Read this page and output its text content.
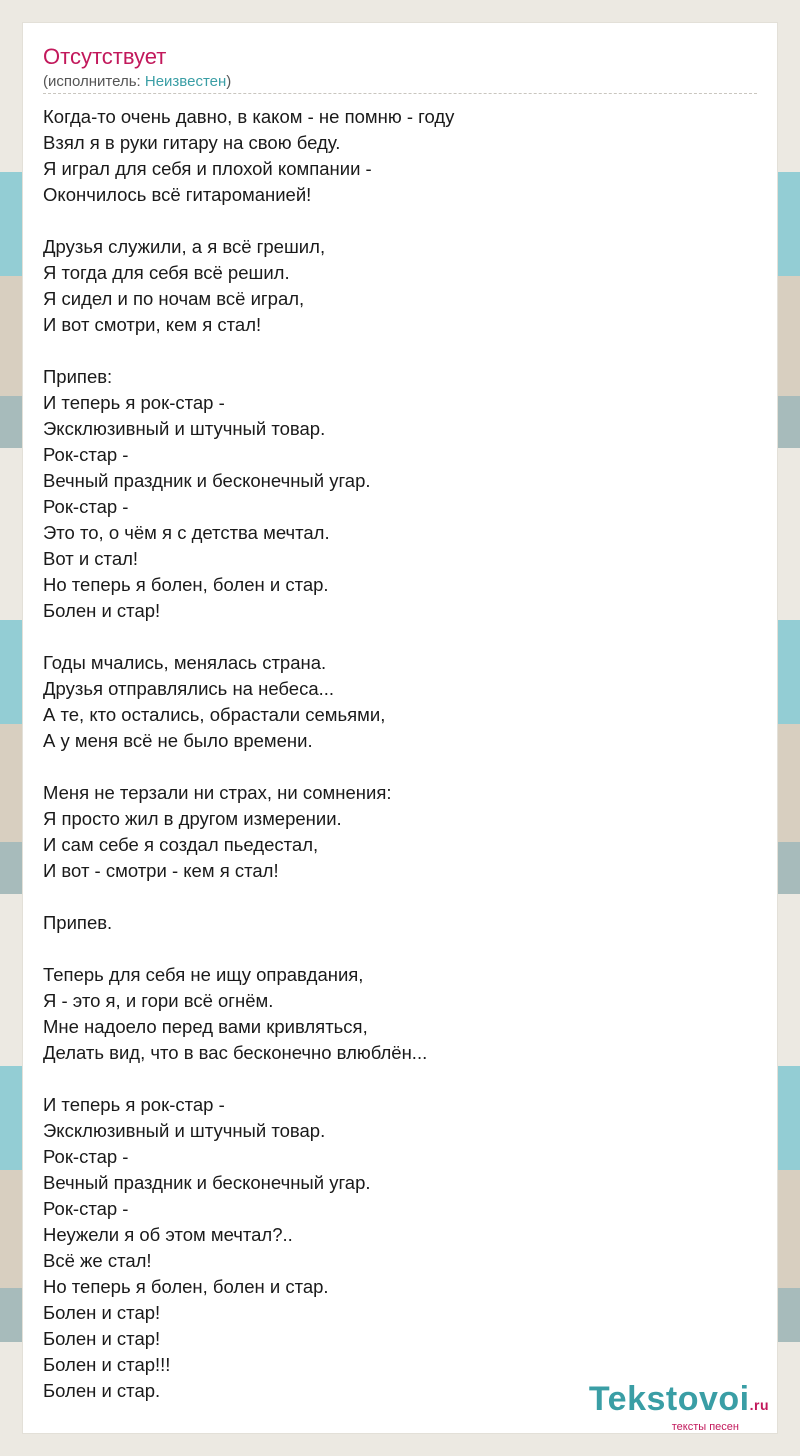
Отсутствует
(исполнитель: Неизвестен)
Когда-то очень давно, в каком - не помню - году
Взял я в руки гитару на свою беду.
Я играл для себя и плохой компании -
Окончилось всё гитароманией!
Друзья служили, а я всё грешил,
Я тогда для себя всё решил.
Я сидел и по ночам всё играл,
И вот смотри, кем я стал!
Припев:
И теперь я рок-стар -
Эксклюзивный и штучный товар.
Рок-стар -
Вечный праздник и бесконечный угар.
Рок-стар -
Это то, о чём я с детства мечтал.
Вот и стал!
Но теперь я болен, болен и стар.
Болен и стар!
Годы мчались, менялась страна.
Друзья отправлялись на небеса...
А те, кто остались, обрастали семьями,
А у меня всё не было времени.
Меня не терзали ни страх, ни сомнения:
Я просто жил в другом измерении.
И сам себе я создал пьедестал,
И вот - смотри - кем я стал!
Припев.
Теперь для себя не ищу оправдания,
Я - это я, и гори всё огнём.
Мне надоело перед вами кривляться,
Делать вид, что в вас бесконечно влюблён...
И теперь я рок-стар -
Эксклюзивный и штучный товар.
Рок-стар -
Вечный праздник и бесконечный угар.
Рок-стар -
Неужели я об этом мечтал?..
Всё же стал!
Но теперь я болен, болен и стар.
Болен и стар!
Болен и стар!
Болен и стар!!!
Болен и стар.	Tekstovoi.ru
тексты песен
